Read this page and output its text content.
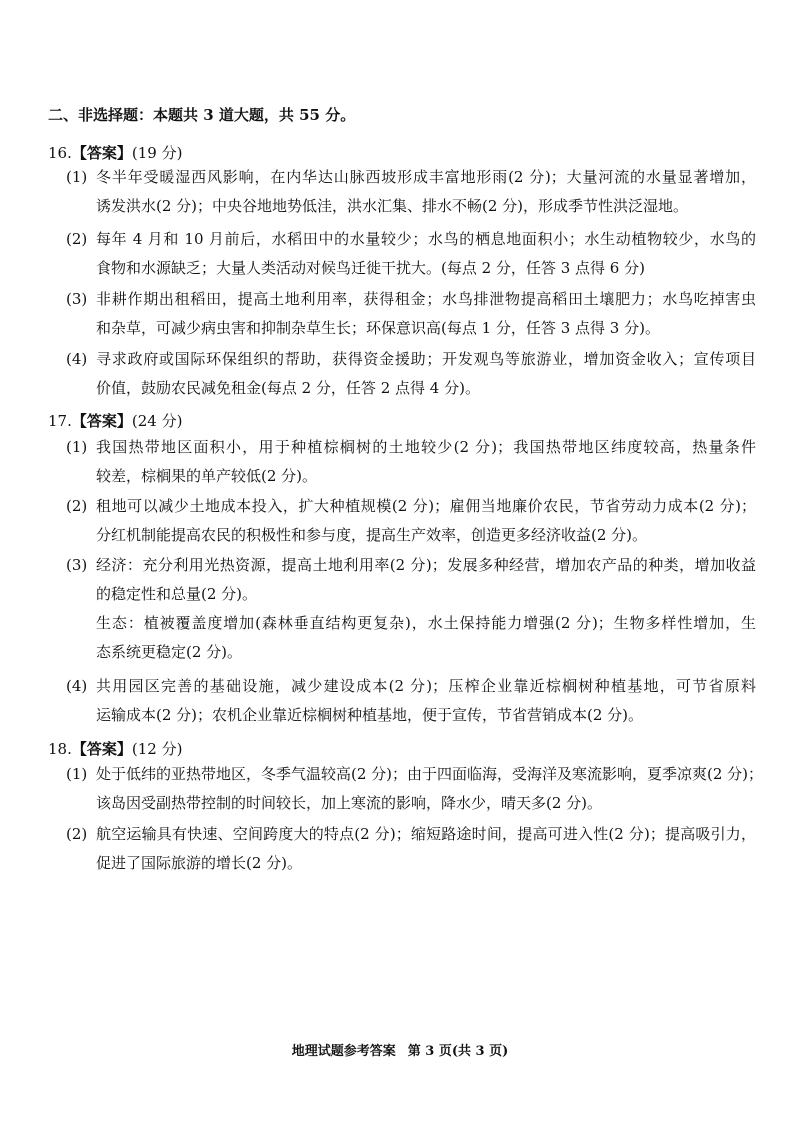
二、非选择题：本题共 3 道大题，共 55 分。
16.【答案】(19 分)
(1) 冬半年受暖湿西风影响，在内华达山脉西坡形成丰富地形雨(2 分)；大量河流的水量显著增加，
诱发洪水(2 分)；中央谷地地势低洼，洪水汇集、排水不畅(2 分)，形成季节性洪泛湿地。
(2) 每年 4 月和 10 月前后，水稻田中的水量较少；水鸟的栖息地面积小；水生动植物较少，水鸟的
食物和水源缺乏；大量人类活动对候鸟迁徙干扰大。(每点 2 分，任答 3 点得 6 分)
(3) 非耕作期出租稻田，提高土地利用率，获得租金；水鸟排泄物提高稻田土壤肥力；水鸟吃掉害虫
和杂草，可减少病虫害和抑制杂草生长；环保意识高(每点 1 分，任答 3 点得 3 分)。
(4) 寻求政府或国际环保组织的帮助，获得资金援助；开发观鸟等旅游业，增加资金收入；宣传项目
价值，鼓励农民减免租金(每点 2 分，任答 2 点得 4 分)。
17.【答案】(24 分)
(1) 我国热带地区面积小，用于种植棕榈树的土地较少(2 分)；我国热带地区纬度较高，热量条件
较差，棕榈果的单产较低(2 分)。
(2) 租地可以减少土地成本投入，扩大种植规模(2 分)；雇佣当地廉价农民，节省劳动力成本(2 分)；
分红机制能提高农民的积极性和参与度，提高生产效率，创造更多经济收益(2 分)。
(3) 经济：充分利用光热资源，提高土地利用率(2 分)；发展多种经营，增加农产品的种类，增加收益
的稳定性和总量(2 分)。
生态：植被覆盖度增加(森林垂直结构更复杂)，水土保持能力增强(2 分)；生物多样性增加，生
态系统更稳定(2 分)。
(4) 共用园区完善的基础设施，减少建设成本(2 分)；压榨企业靠近棕榈树种植基地，可节省原料
运输成本(2 分)；农机企业靠近棕榈树种植基地，便于宣传，节省营销成本(2 分)。
18.【答案】(12 分)
(1) 处于低纬的亚热带地区，冬季气温较高(2 分)；由于四面临海，受海洋及寒流影响，夏季凉爽(2 分)；
该岛因受副热带控制的时间较长，加上寒流的影响，降水少，晴天多(2 分)。
(2) 航空运输具有快速、空间跨度大的特点(2 分)；缩短路途时间，提高可进入性(2 分)；提高吸引力，
促进了国际旅游的增长(2 分)。
地理试题参考答案 第 3 页(共 3 页)
